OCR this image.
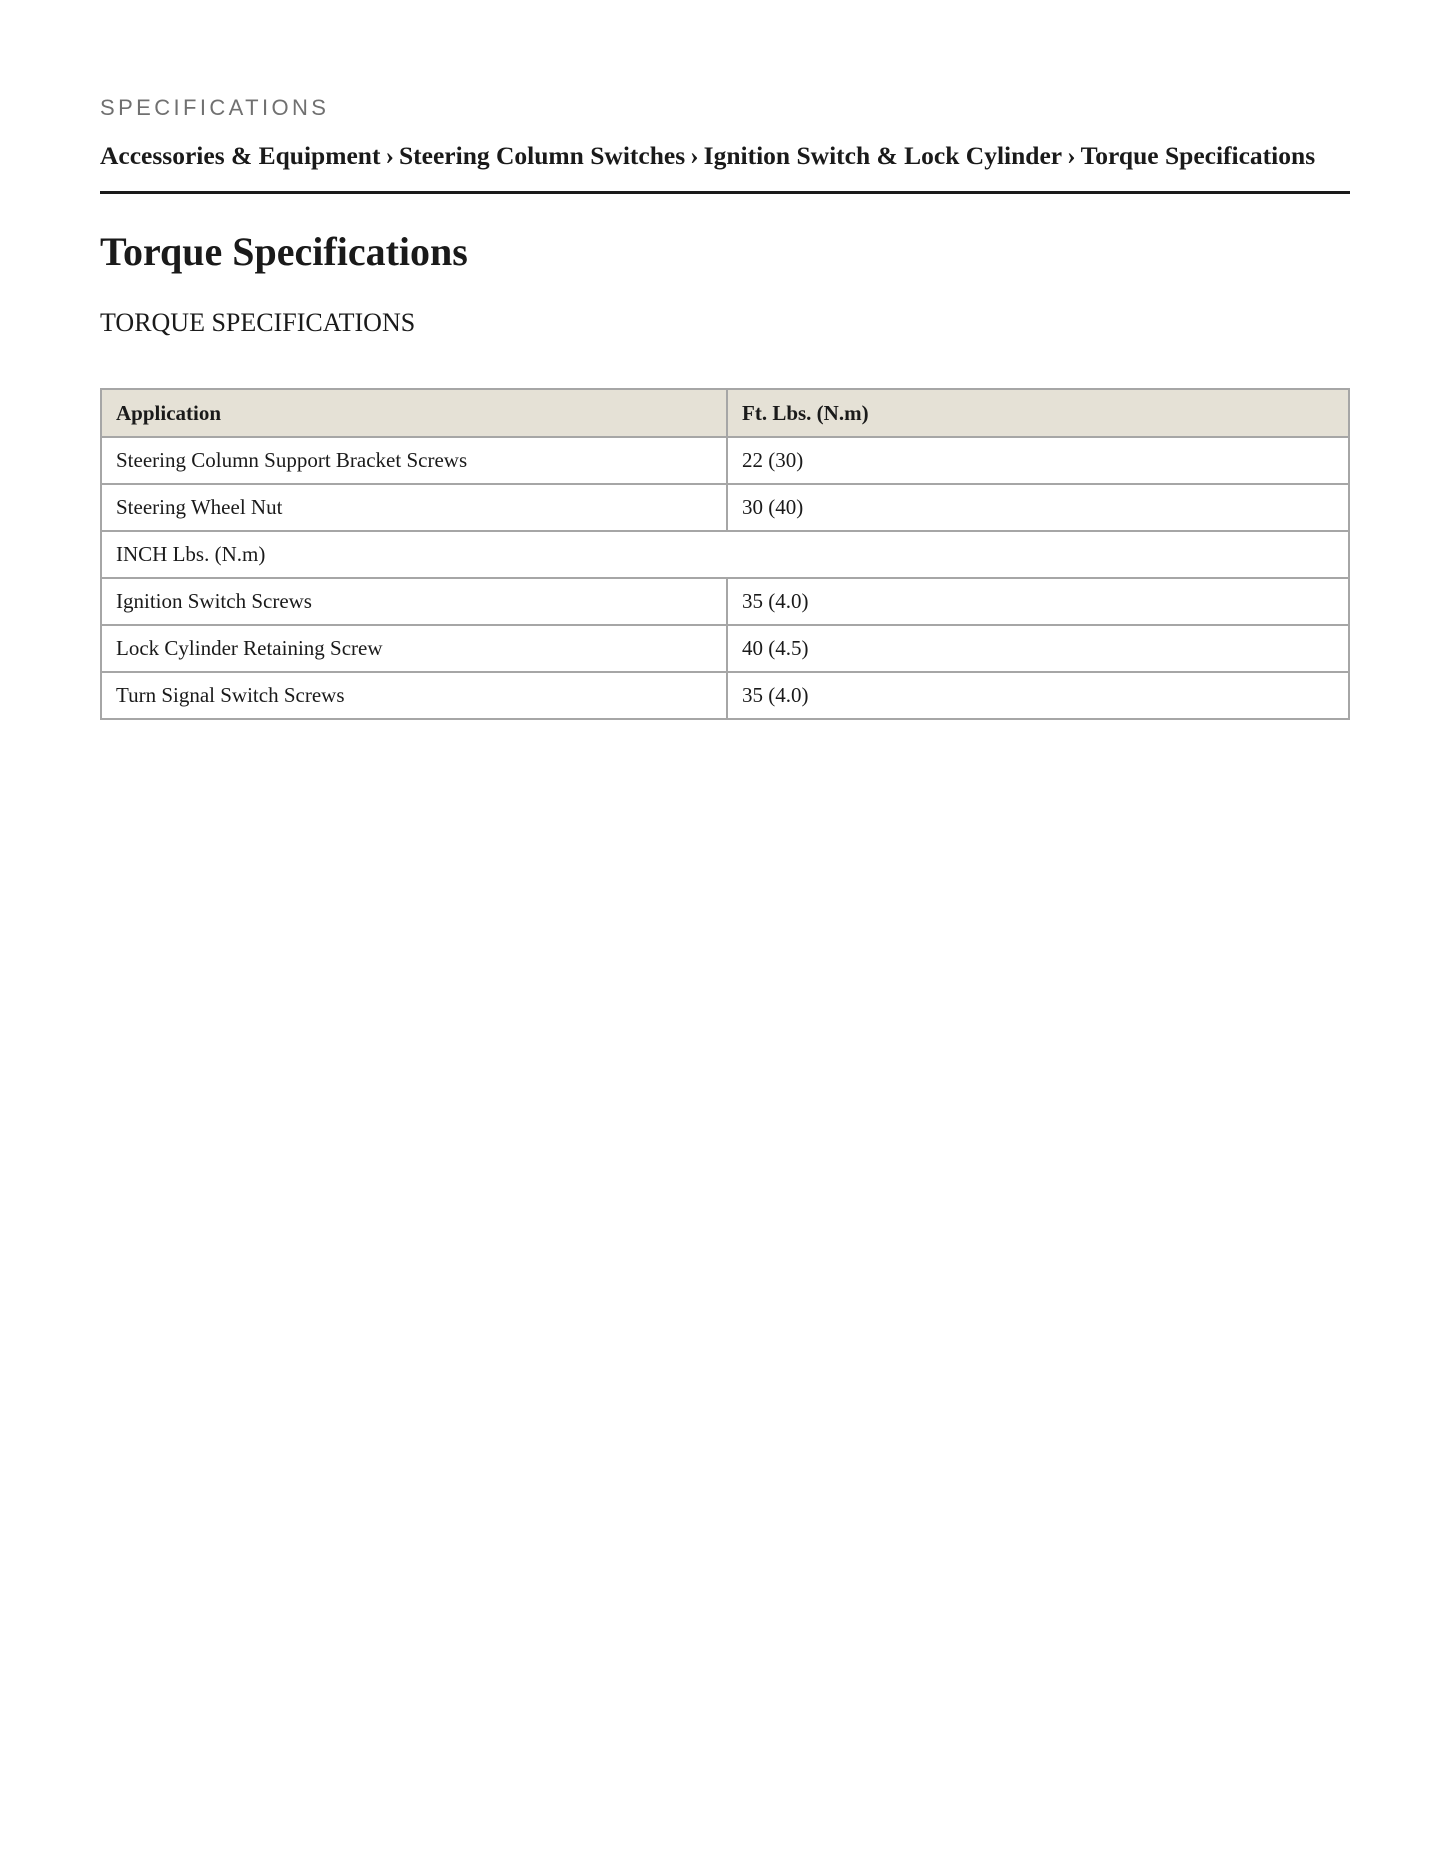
SPECIFICATIONS

Accessories & Equipment › Steering Column Switches › Ignition Switch & Lock Cylinder › Torque Specifications
Torque Specifications
TORQUE SPECIFICATIONS
Application	Ft. Lbs. (N.m)
Steering Column Support Bracket Screws	22 (30)
Steering Wheel Nut	30 (40)
INCH Lbs. (N.m)	
Ignition Switch Screws	35 (4.0)
Lock Cylinder Retaining Screw	40 (4.5)
Turn Signal Switch Screws	35 (4.0)
